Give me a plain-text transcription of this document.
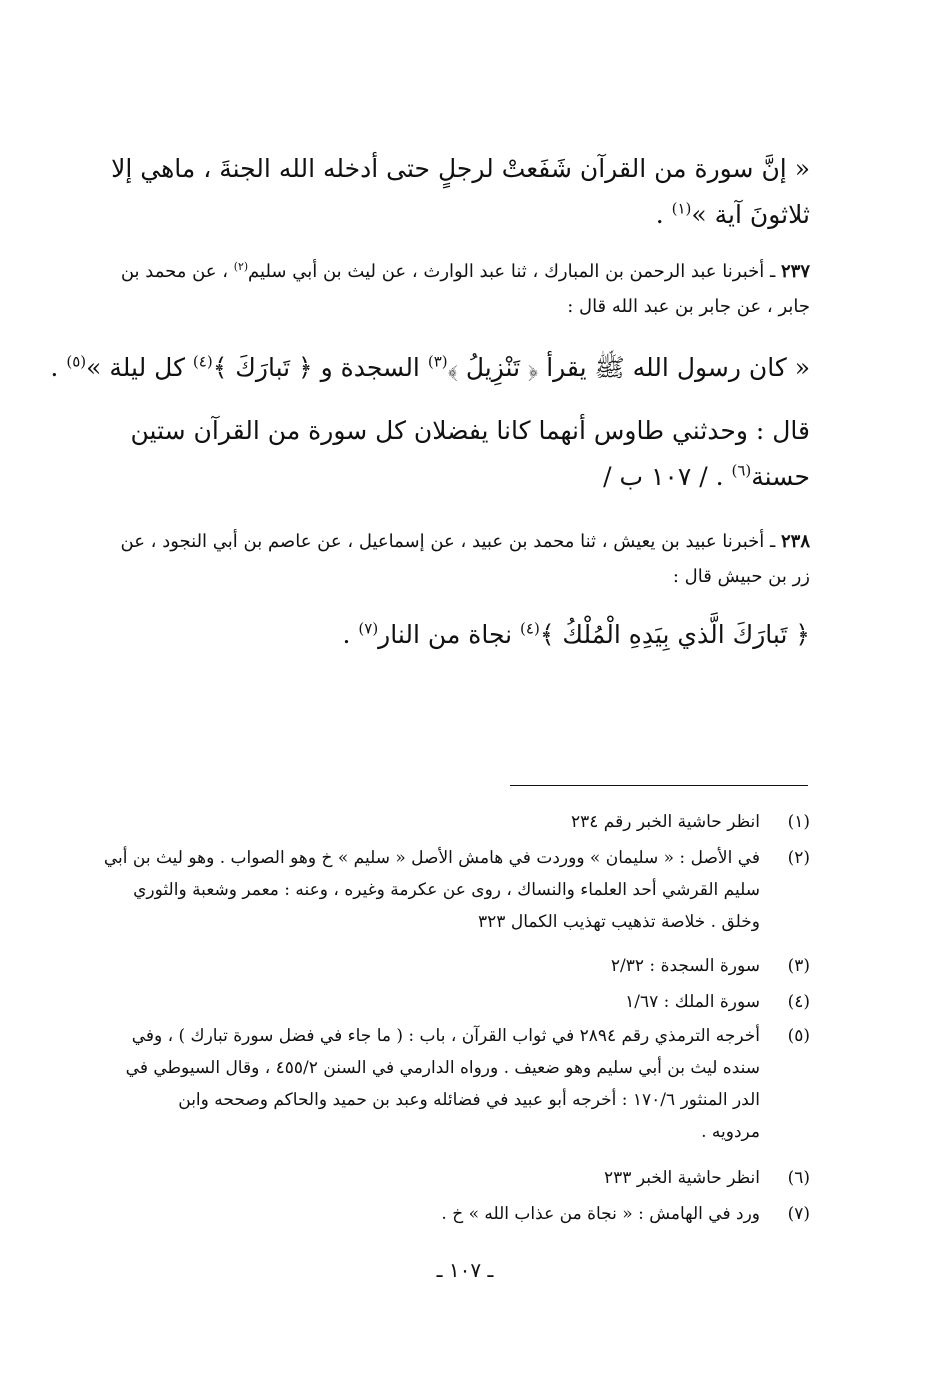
« إنَّ سورة من القرآن شَفَعتْ لرجلٍ حتى أدخله الله الجنةَ ، ماهي إلا
ثلاثونَ آية »$^{(١)}$ .
٢٣٧ ـ أخبرنا عبد الرحمن بن المبارك ، ثنا عبد الوارث ، عن ليث بن أبي سليم$^{(٢)}$ ، عن محمد بن
جابر ، عن جابر بن عبد الله قال :
« كان رسول الله ﷺ يقرأ ﴿ تَنْزِيلُ ﴾$^{(٣)}$ السجدة و ﴿ تَبارَكَ ﴾$^{(٤)}$ كل ليلة »$^{(٥)}$ .
قال : وحدثني طاوس أنهما كانا يفضلان كل سورة من القرآن ستين
حسنة$^{(٦)}$ . / ١٠٧ ب /
٢٣٨ ـ أخبرنا عبيد بن يعيش ، ثنا محمد بن عبيد ، عن إسماعيل ، عن عاصم بن أبي النجود ، عن
زر بن حبيش قال :
﴿ تَبارَكَ الَّذي بِيَدِهِ الْمُلْكُ ﴾$^{(٤)}$ نجاة من النار$^{(٧)}$ .
(١)
انظر حاشية الخبر رقم ٢٣٤
(٢)
في الأصل : « سليمان » ووردت في هامش الأصل « سليم » خ وهو الصواب . وهو ليث بن أبي
سليم القرشي أحد العلماء والنساك ، روى عن عكرمة وغيره ، وعنه : معمر وشعبة والثوري
وخلق . خلاصة تذهيب تهذيب الكمال ٣٢٣
(٣)
سورة السجدة : ٢/٣٢
(٤)
سورة الملك : ١/٦٧
(٥)
أخرجه الترمذي رقم ٢٨٩٤ في ثواب القرآن ، باب : ( ما جاء في فضل سورة تبارك ) ، وفي
سنده ليث بن أبي سليم وهو ضعيف . ورواه الدارمي في السنن ٤٥٥/٢ ، وقال السيوطي في
الدر المنثور ١٧٠/٦ : أخرجه أبو عبيد في فضائله وعبد بن حميد والحاكم وصححه وابن
مردويه .
(٦)
انظر حاشية الخبر ٢٣٣
(٧)
ورد في الهامش : « نجاة من عذاب الله » خ .
ـ ١٠٧ ـ
